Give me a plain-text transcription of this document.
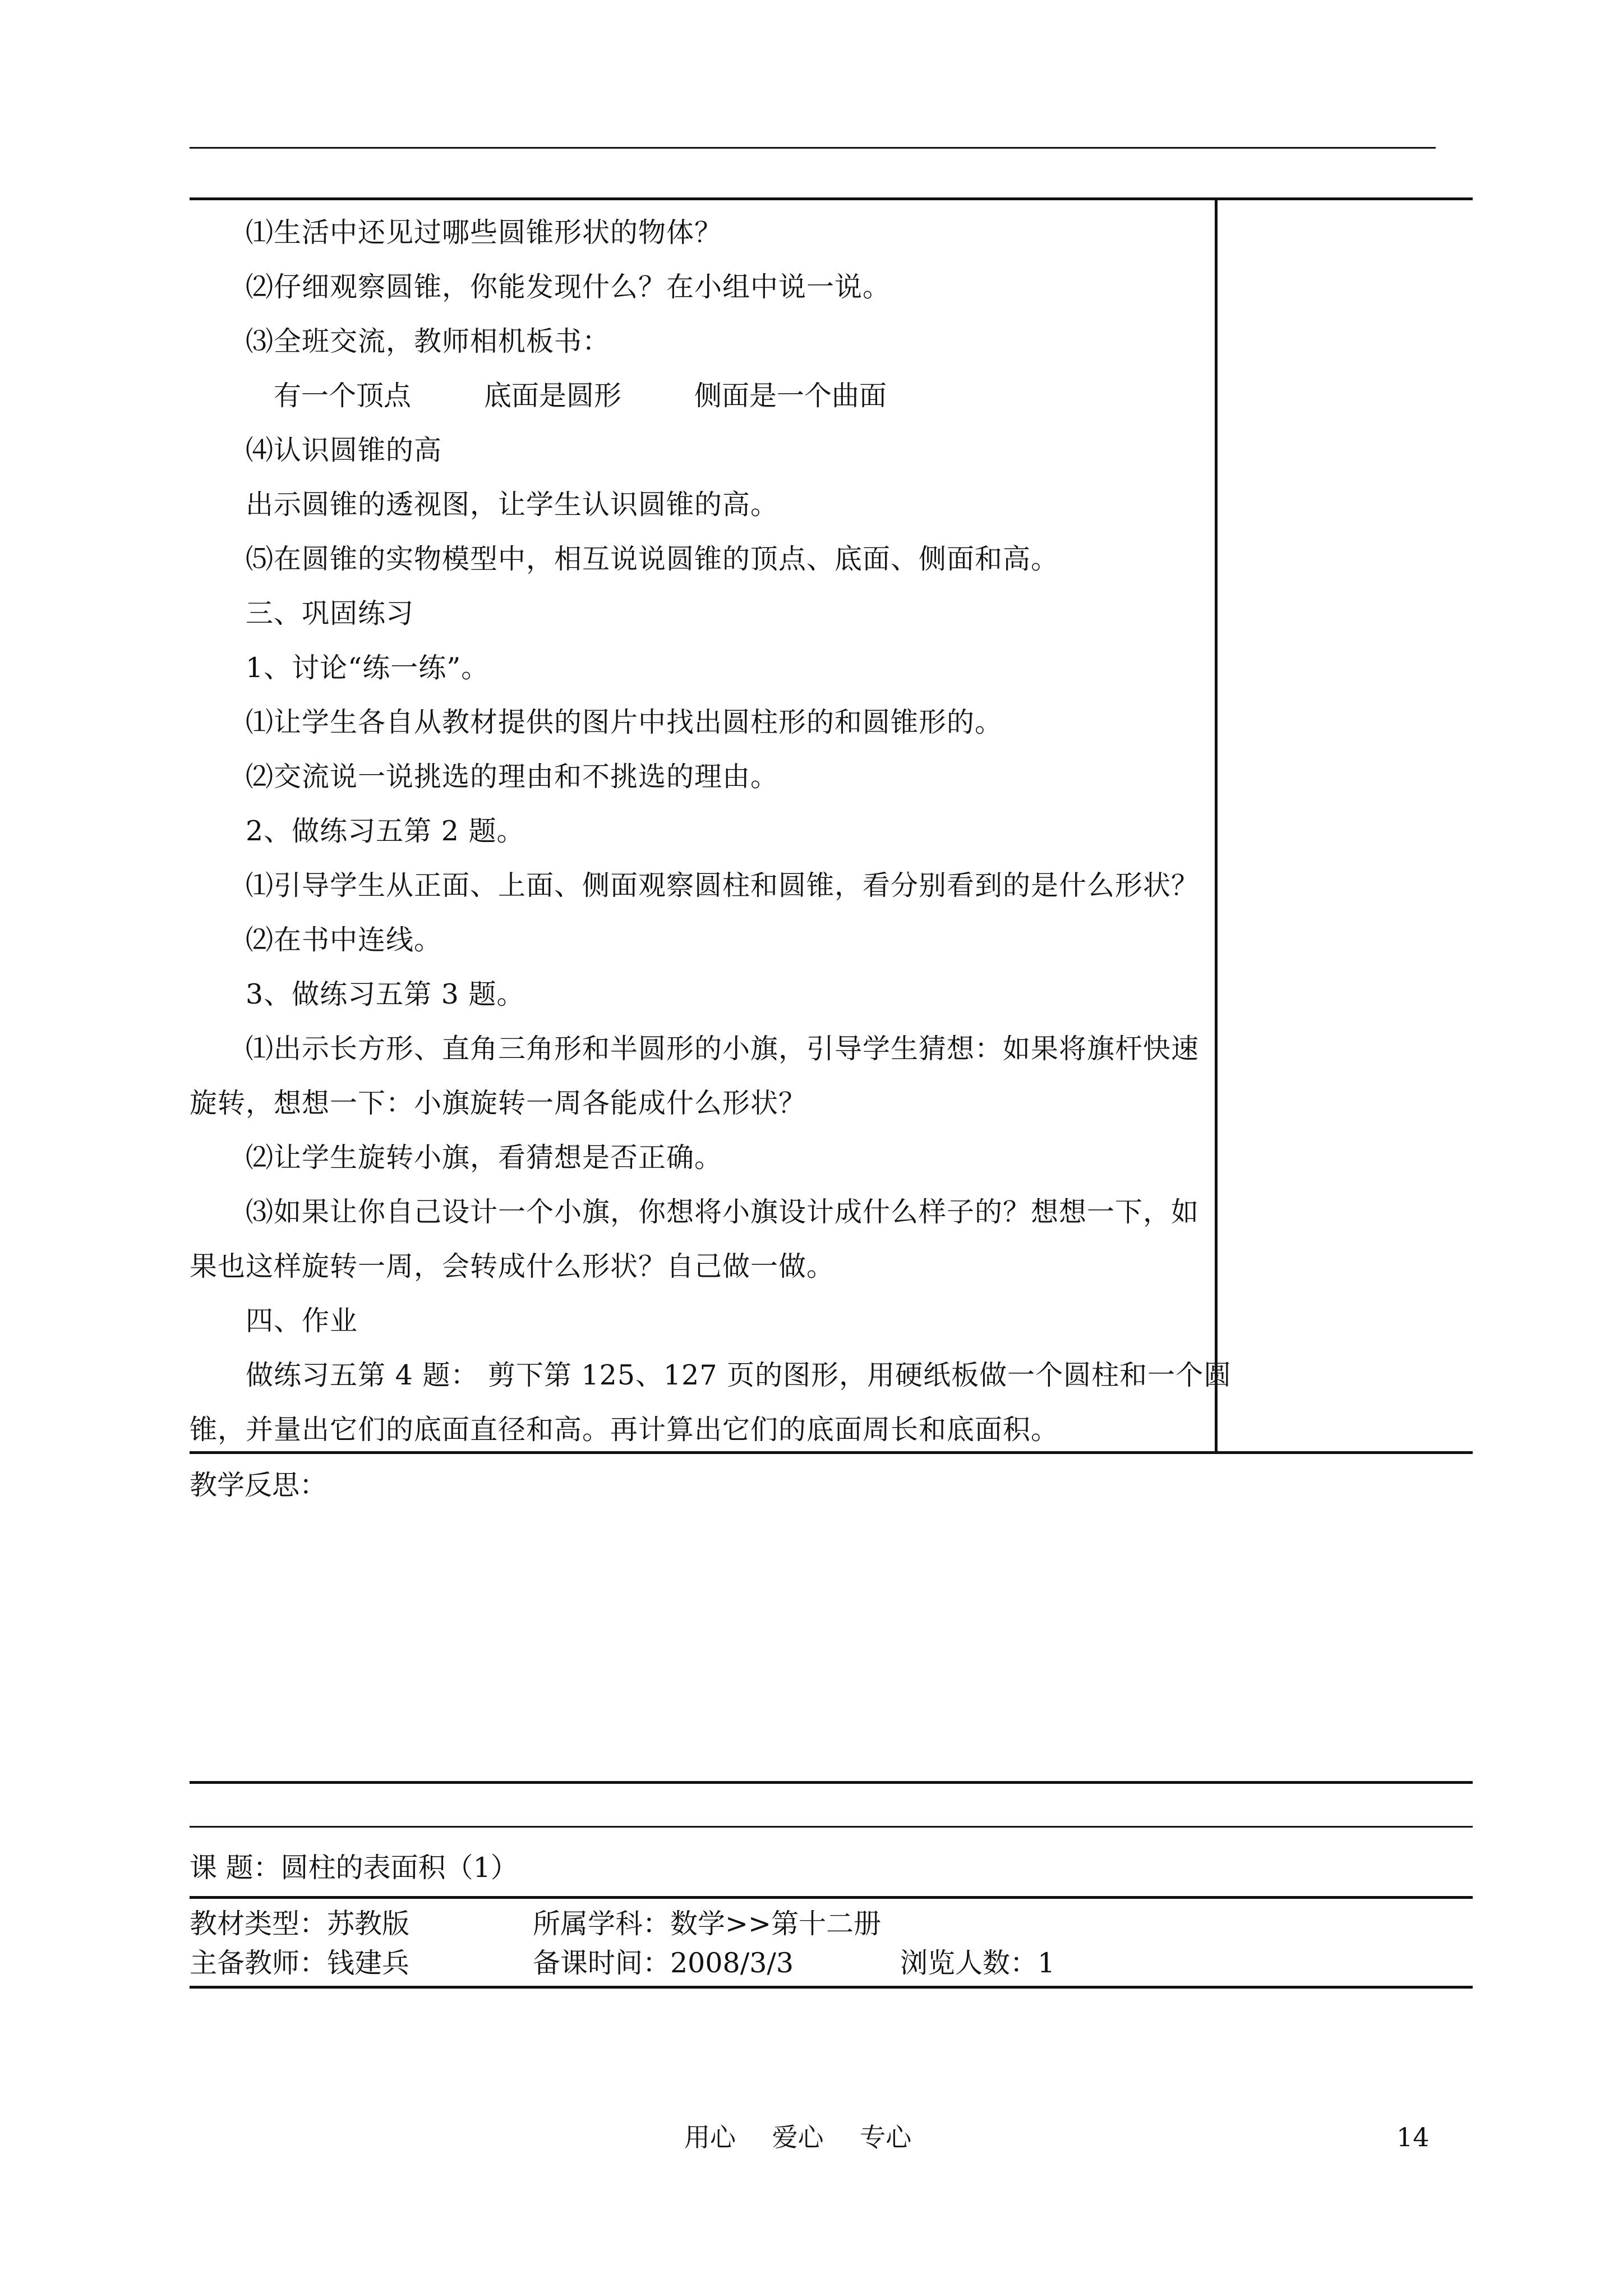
⑴生活中还见过哪些圆锥形状的物体？
⑵仔细观察圆锥，你能发现什么？在小组中说一说。
⑶全班交流，教师相机板书：
有一个顶点	底面是圆形	侧面是一个曲面
⑷认识圆锥的高
出示圆锥的透视图，让学生认识圆锥的高。
⑸在圆锥的实物模型中，相互说说圆锥的顶点、底面、侧面和高。
三、巩固练习
1、讨论“练一练”。
⑴让学生各自从教材提供的图片中找出圆柱形的和圆锥形的。
⑵交流说一说挑选的理由和不挑选的理由。
2、做练习五第 2 题。
⑴引导学生从正面、上面、侧面观察圆柱和圆锥，看分别看到的是什么形状？
⑵在书中连线。
3、做练习五第 3 题。
⑴出示长方形、直角三角形和半圆形的小旗，引导学生猜想：如果将旗杆快速
旋转，想想一下：小旗旋转一周各能成什么形状？
⑵让学生旋转小旗，看猜想是否正确。
⑶如果让你自己设计一个小旗，你想将小旗设计成什么样子的？想想一下，如
果也这样旋转一周，会转成什么形状？自己做一做。
四、作业
做练习五第 4 题： 剪下第 125、127 页的图形，用硬纸板做一个圆柱和一个圆
锥，并量出它们的底面直径和高。再计算出它们的底面周长和底面积。
教学反思：
课 题：圆柱的表面积（1）
教材类型：苏教版	所属学科：数学>>第十二册
主备教师：钱建兵	备课时间：2008/3/3	浏览人数：1
用心 爱心 专心	14
